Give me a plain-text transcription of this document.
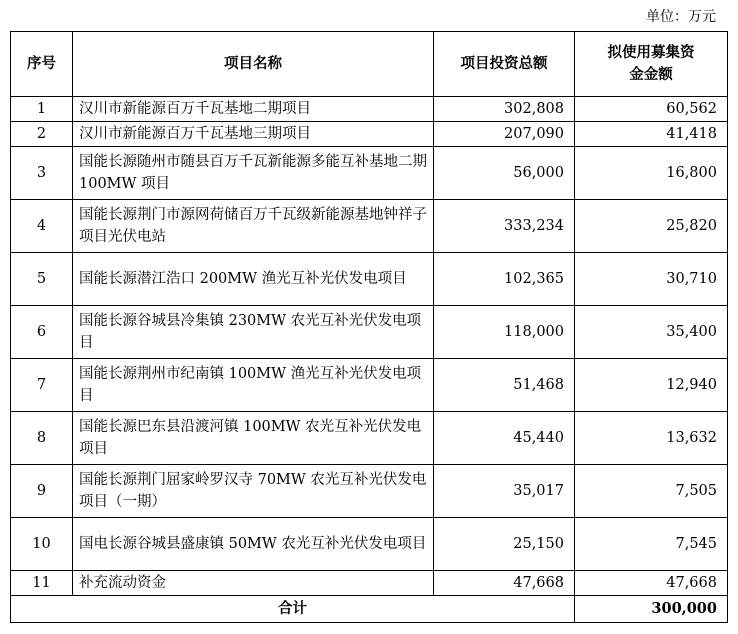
单位：万元
序号	项目名称	项目投资总额	拟使用募集资金金额
1	汉川市新能源百万千瓦基地二期项目	302,808	60,562
2	汉川市新能源百万千瓦基地三期项目	207,090	41,418
3	国能长源随州市随县百万千瓦新能源多能互补基地二期 100MW 项目	56,000	16,800
4	国能长源荆门市源网荷储百万千瓦级新能源基地钟祥子项目光伏电站	333,234	25,820
5	国能长源潜江浩口 200MW 渔光互补光伏发电项目	102,365	30,710
6	国能长源谷城县冷集镇 230MW 农光互补光伏发电项目	118,000	35,400
7	国能长源荆州市纪南镇 100MW 渔光互补光伏发电项目	51,468	12,940
8	国能长源巴东县沿渡河镇 100MW 农光互补光伏发电项目	45,440	13,632
9	国能长源荆门屈家岭罗汉寺 70MW 农光互补光伏发电项目（一期）	35,017	7,505
10	国电长源谷城县盛康镇 50MW 农光互补光伏发电项目	25,150	7,545
11	补充流动资金	47,668	47,668
合计			300,000
